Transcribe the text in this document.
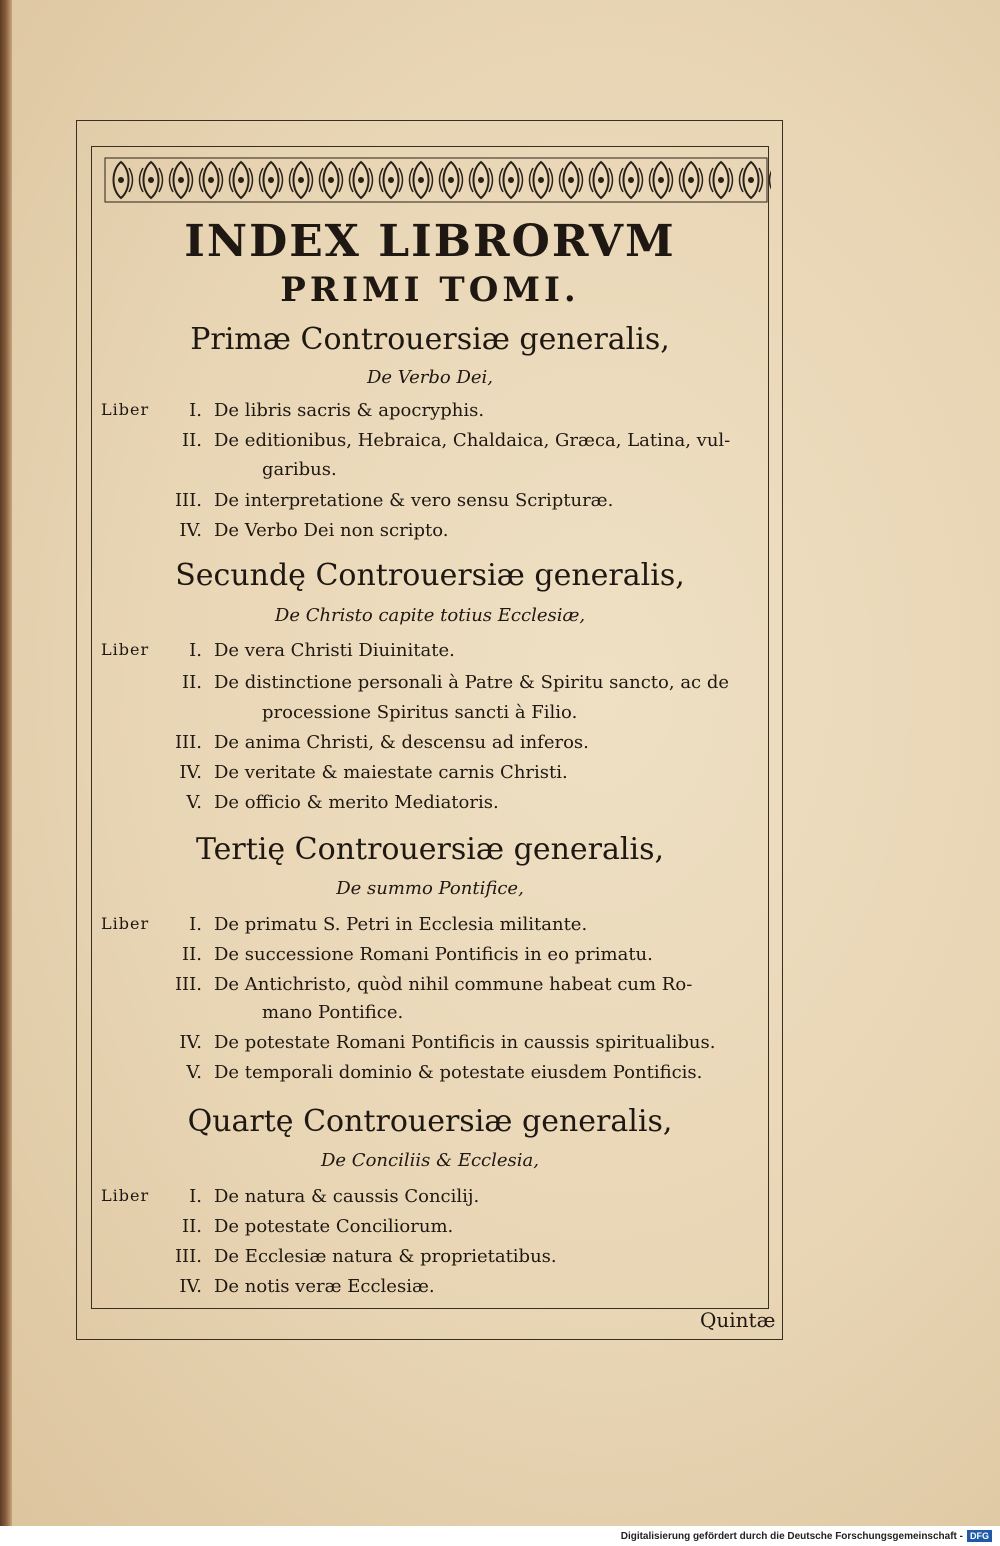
INDEX LIBRORVM
PRIMI TOMI.
Primæ Controuersiæ generalis,
De Verbo Dei,
Liber	I. De libris sacris & apocryphis.
II. De editionibus, Hebraica, Chaldaica, Græca, Latina, vul-
garibus.
III. De interpretatione & vero sensu Scripturæ.
IV. De Verbo Dei non scripto.
Secundę Controuersiæ generalis,
De Christo capite totius Ecclesiæ,
Liber	I. De vera Christi Diuinitate.
II. De distinctione personali à Patre & Spiritu sancto, ac de
processione Spiritus sancti à Filio.
III. De anima Christi, & descensu ad inferos.
IV. De veritate & maiestate carnis Christi.
V. De officio & merito Mediatoris.
Tertię Controuersiæ generalis,
De summo Pontifice,
Liber	I. De primatu S. Petri in Ecclesia militante.
II. De successione Romani Pontificis in eo primatu.
III. De Antichristo, quòd nihil commune habeat cum Ro-
mano Pontifice.
IV. De potestate Romani Pontificis in caussis spiritualibus.
V. De temporali dominio & potestate eiusdem Pontificis.
Quartę Controuersiæ generalis,
De Conciliis & Ecclesia,
Liber	I. De natura & caussis Concilij.
II. De potestate Conciliorum.
III. De Ecclesiæ natura & proprietatibus.
IV. De notis veræ Ecclesiæ.
Quintæ
Digitalisierung gefördert durch die Deutsche Forschungsgemeinschaft - DFG
